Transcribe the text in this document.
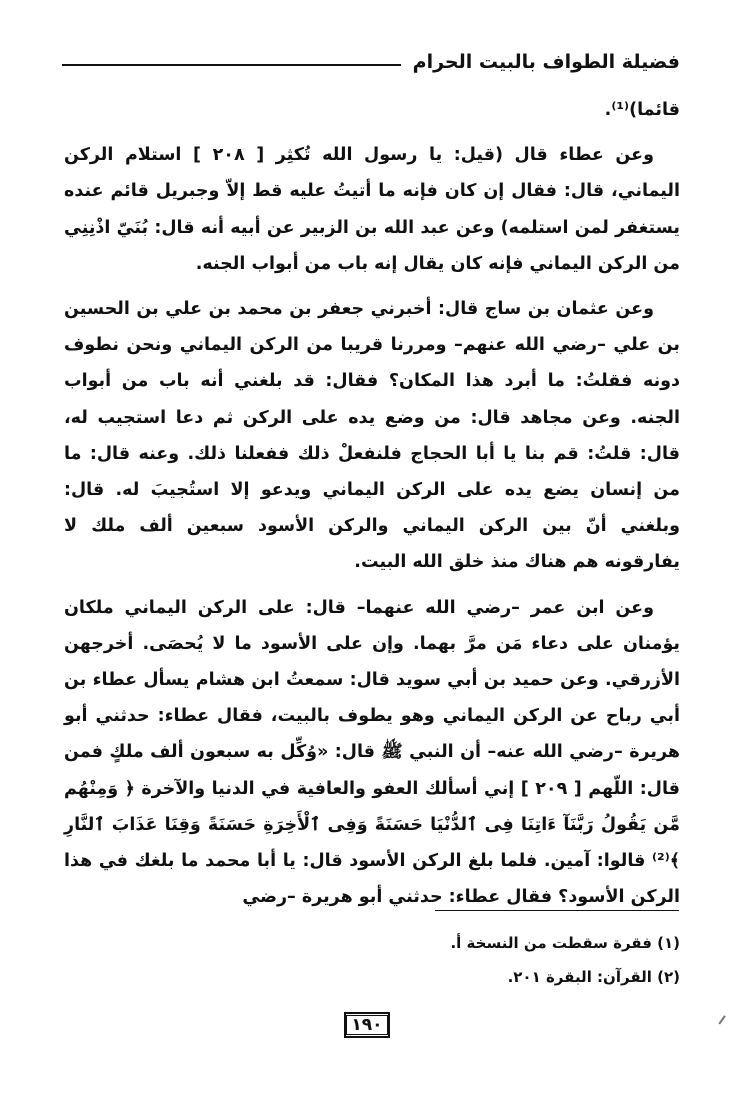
فضيلة الطواف بالبيت الحرام

قائما)⁽¹⁾.

وعن عطاء قال (قيل: يا رسول الله تُكثِر [ ٢٠٨ ] استلام الركن اليماني، قال: فقال إن كان فإنه ما أتيتُ عليه قط إلاّ وجبريل قائم عنده يستغفر لمن استلمه) وعن عبد الله بن الزبير عن أبيه أنه قال: بُنَيّ اذْنِنِي من الركن اليماني فإنه كان يقال إنه باب من أبواب الجنه.

وعن عثمان بن ساج قال: أخبرني جعفر بن محمد بن علي بن الحسين بن علي –رضي الله عنهم– ومررنا قريبا من الركن اليماني ونحن نطوف دونه فقلتُ: ما أبرد هذا المكان؟ فقال: قد بلغني أنه باب من أبواب الجنه. وعن مجاهد قال: من وضع يده على الركن ثم دعا استجيب له، قال: قلتُ: قم بنا يا أبا الحجاج فلنفعلْ ذلك ففعلنا ذلك. وعنه قال: ما من إنسان يضع يده على الركن اليماني ويدعو إلا استُجيبَ له. قال: وبلغني أنّ بين الركن اليماني والركن الأسود سبعين ألف ملك لا يفارقونه هم هناك منذ خلق الله البيت.

وعن ابن عمر –رضي الله عنهما– قال: على الركن اليماني ملكان يؤمنان على دعاء مَن مرَّ بهما. وإن على الأسود ما لا يُحصَى. أخرجهن الأزرقي. وعن حميد بن أبي سويد قال: سمعتُ ابن هشام يسأل عطاء بن أبي رباح عن الركن اليماني وهو يطوف بالبيت، فقال عطاء: حدثني أبو هريرة –رضي الله عنه– أن النبي ﷺ قال: «وُكِّل به سبعون ألف ملكٍ فمن قال: اللّهم [ ٢٠٩ ] إني أسألك العفو والعافية في الدنيا والآخرة ﴿ وَمِنْهُم مَّن يَقُولُ رَبَّنَآ ءَاتِنَا فِى ٱلدُّنْيَا حَسَنَةً وَفِى ٱلْأَخِرَةِ حَسَنَةً وَقِنَا عَذَابَ ٱلنَّارِ ﴾⁽²⁾ قالوا: آمين. فلما بلغ الركن الأسود قال: يا أبا محمد ما بلغك في هذا الركن الأسود؟ فقال عطاء: حدثني أبو هريرة –رضي

(١) فقرة سقطت من النسخة أ.
(٢) القرآن: البقرة ٢٠١.
١٩٠
